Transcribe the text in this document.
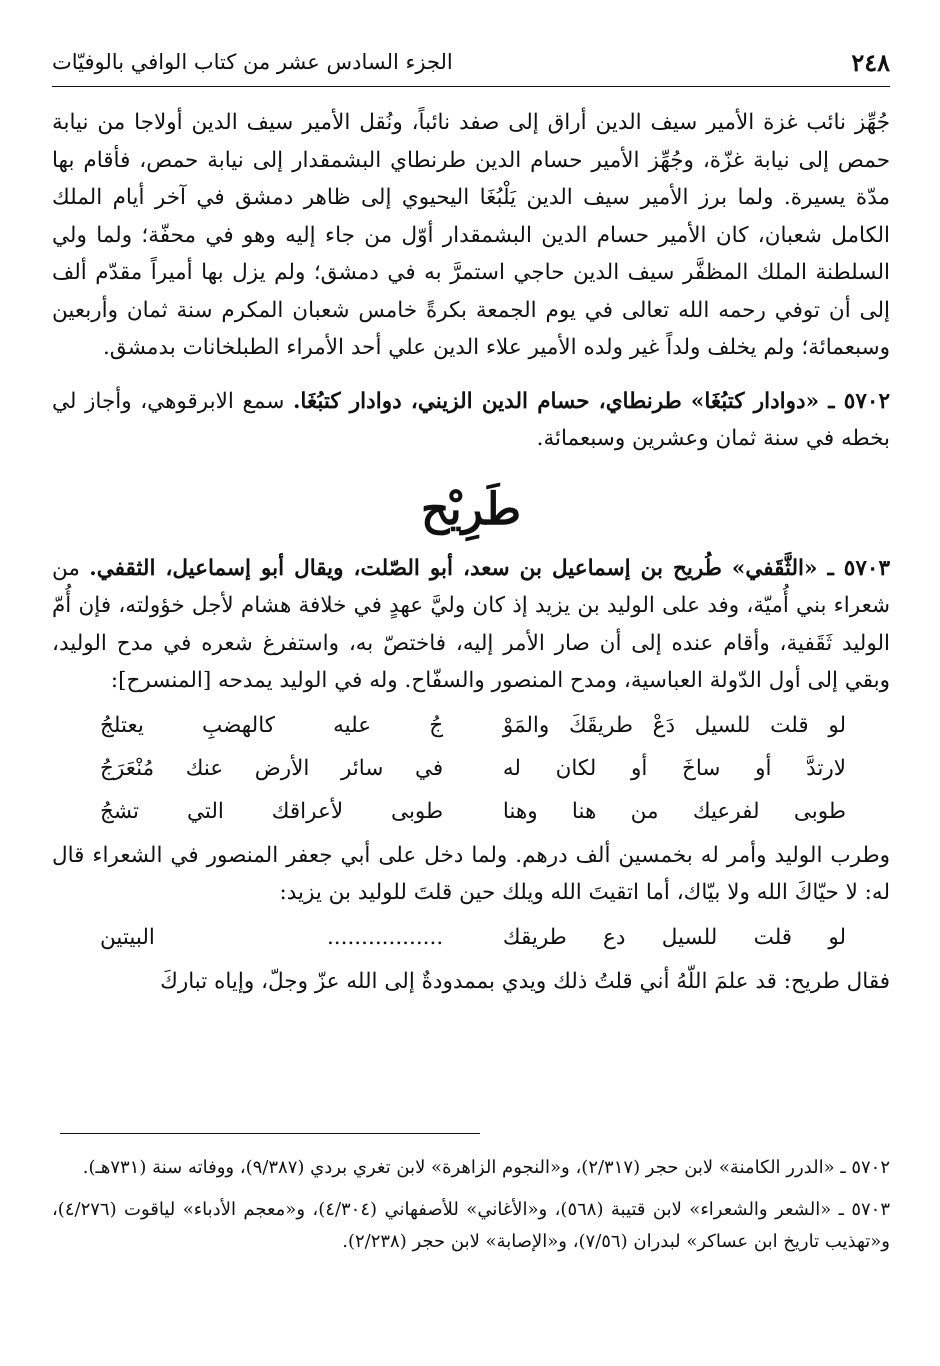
٢٤٨
الجزء السادس عشر من كتاب الوافي بالوفيّات

جُهِّز نائب غزة الأمير سيف الدين أراق إلى صفد نائباً، ونُقل الأمير سيف الدين أولاجا من نيابة حمص إلى نيابة غزّة، وجُهِّز الأمير حسام الدين طرنطاي البشمقدار إلى نيابة حمص، فأقام بها مدّة يسيرة. ولما برز الأمير سيف الدين يَلْبُغَا اليحيوي إلى ظاهر دمشق في آخر أيام الملك الكامل شعبان، كان الأمير حسام الدين البشمقدار أوّل من جاء إليه وهو في محفّة؛ ولما ولي السلطنة الملك المظفَّر سيف الدين حاجي استمرَّ به في دمشق؛ ولم يزل بها أميراً مقدّم ألف إلى أن توفي رحمه الله تعالى في يوم الجمعة بكرةً خامس شعبان المكرم سنة ثمان وأربعين وسبعمائة؛ ولم يخلف ولداً غير ولده الأمير علاء الدين علي أحد الأمراء الطبلخانات بدمشق.

٥٧٠٢ ـ «دوادار كتبُغَا» طرنطاي، حسام الدين الزيني، دوادار كتبُغَا. سمع الابرقوهي، وأجاز لي بخطه في سنة ثمان وعشرين وسبعمائة.

طَرِيْح

٥٧٠٣ ـ «الثَّقَفي» طُريح بن إسماعيل بن سعد، أبو الصّلت، ويقال أبو إسماعيل، الثقفي. من شعراء بني أُميّة، وفد على الوليد بن يزيد إذ كان وليَّ عهدٍ في خلافة هشام لأجل خؤولته، فإن أُمّ الوليد ثَقَفية، وأقام عنده إلى أن صار الأمر إليه، فاختصّ به، واستفرغ شعره في مدح الوليد، وبقي إلى أول الدّولة العباسية، ومدح المنصور والسفّاح. وله في الوليد يمدحه [المنسرح]:

لو قلت للسيل دَعْ طريقَكَ والمَوْ
جُ عليه كالهضبِ يعتلجُ
لارتدَّ أو ساخَ أو لكان له
في سائر الأرض عنك مُنْعَرَجُ
طوبى لفرعيك من هنا وهنا
طوبى لأعراقك التي تشجُ

وطرب الوليد وأمر له بخمسين ألف درهم. ولما دخل على أبي جعفر المنصور في الشعراء قال له: لا حيّاكَ الله ولا بيّاك، أما اتقيتَ الله ويلك حين قلتَ للوليد بن يزيد:

لو قلت للسيل دع طريقك
................. البيتين

فقال طريح: قد علمَ اللّهُ أني قلتُ ذلك ويدي بممدودةٌ إلى الله عزّ وجلّ، وإياه تباركَ

٥٧٠٢ ـ «الدرر الكامنة» لابن حجر (٢/٣١٧)، و«النجوم الزاهرة» لابن تغري بردي (٩/٣٨٧)، ووفاته سنة (٧٣١هـ).

٥٧٠٣ ـ «الشعر والشعراء» لابن قتيبة (٥٦٨)، و«الأغاني» للأصفهاني (٤/٣٠٤)، و«معجم الأدباء» لياقوت (٤/٢٧٦)، و«تهذيب تاريخ ابن عساكر» لبدران (٧/٥٦)، و«الإصابة» لابن حجر (٢/٢٣٨).
